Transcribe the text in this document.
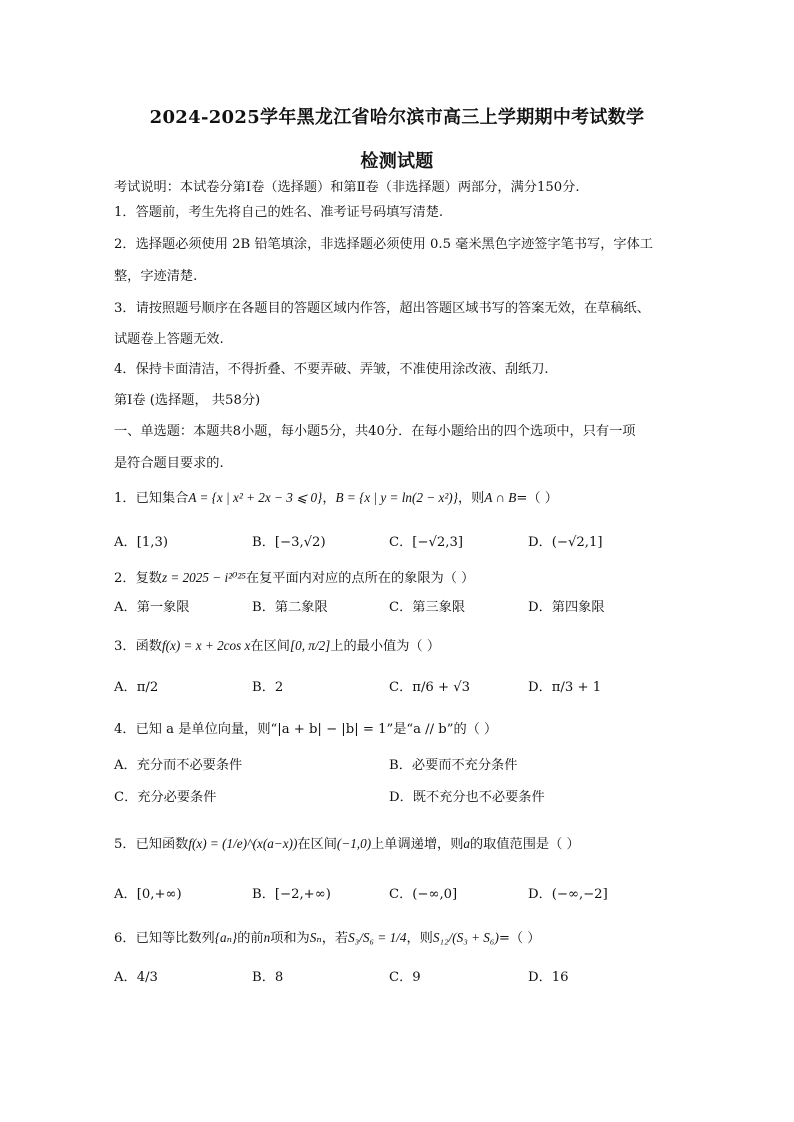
2024-2025学年黑龙江省哈尔滨市高三上学期期中考试数学
检测试题
考试说明：本试卷分第Ⅰ卷（选择题）和第Ⅱ卷（非选择题）两部分，满分150分.
1．答题前，考生先将自己的姓名、准考证号码填写清楚.
2．选择题必须使用 2B 铅笔填涂，非选择题必须使用 0.5 毫米黑色字迹签字笔书写，字体工
整，字迹清楚.
3．请按照题号顺序在各题目的答题区域内作答，超出答题区域书写的答案无效，在草稿纸、
试题卷上答题无效.
4．保持卡面清洁，不得折叠、不要弄破、弄皱，不准使用涂改液、刮纸刀.
第Ⅰ卷 (选择题， 共58分)
一、单选题：本题共8小题，每小题5分，共40分．在每小题给出的四个选项中，只有一项
是符合题目要求的.
1．已知集合A = {x | x² + 2x − 3 ⩽ 0}，B = {x | y = ln(2 − x²)}，则A ∩ B=（ ）
A．[1,3)	B．[−3,√2)	C．[−√2,3]	D．(−√2,1]
2．复数z = 2025 − i²⁰²⁵在复平面内对应的点所在的象限为（ ）
A．第一象限	B．第二象限	C．第三象限	D．第四象限
3．函数f(x) = x + 2cos x在区间[0, π/2]上的最小值为（ ）
A．π/2	B．2	C．π/6 + √3	D．π/3 + 1
4．已知 a 是单位向量，则“|a + b| − |b| = 1”是“a // b”的（ ）
A．充分而不必要条件	B．必要而不充分条件
C．充分必要条件	D．既不充分也不必要条件
5．已知函数f(x) = (1/e)^(x(a−x))在区间(−1,0)上单调递增，则a的取值范围是（ ）
A．[0,+∞)	B．[−2,+∞)	C．(−∞,0]	D．(−∞,−2]
6．已知等比数列{aₙ}的前n项和为Sₙ，若S₃/S₆ = 1/4，则S₁₂/(S₃ + S₆)=（ ）
A．4/3	B．8	C．9	D．16
